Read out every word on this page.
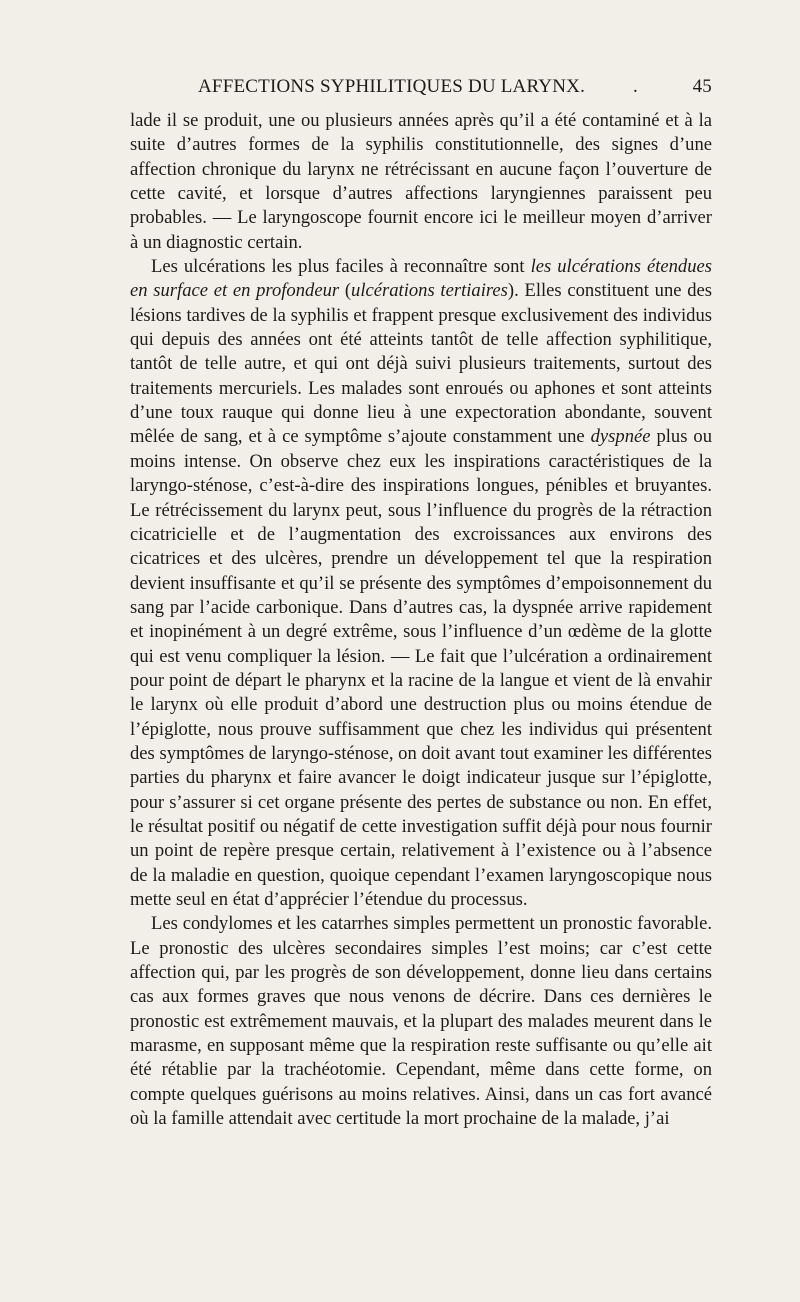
AFFECTIONS SYPHILITIQUES DU LARYNX.	.	45

lade il se produit, une ou plusieurs années après qu’il a été contaminé et à la suite d’autres formes de la syphilis constitutionnelle, des signes d’une affection chronique du larynx ne rétrécissant en aucune façon l’ouverture de cette cavité, et lorsque d’autres affections laryngiennes paraissent peu probables. — Le laryngoscope fournit encore ici le meilleur moyen d’arriver à un diagnostic certain.

Les ulcérations les plus faciles à reconnaître sont les ulcérations étendues en surface et en profondeur (ulcérations tertiaires). Elles constituent une des lésions tardives de la syphilis et frappent presque exclusivement des individus qui depuis des années ont été atteints tantôt de telle affection syphilitique, tantôt de telle autre, et qui ont déjà suivi plusieurs traitements, surtout des traitements mercuriels. Les malades sont enroués ou aphones et sont atteints d’une toux rauque qui donne lieu à une expectoration abondante, souvent mêlée de sang, et à ce symptôme s’ajoute constamment une dyspnée plus ou moins intense. On observe chez eux les inspirations caractéristiques de la laryngo-sténose, c’est-à-dire des inspirations longues, pénibles et bruyantes. Le rétrécissement du larynx peut, sous l’influence du progrès de la rétraction cicatricielle et de l’augmentation des excroissances aux environs des cicatrices et des ulcères, prendre un développement tel que la respiration devient insuffisante et qu’il se présente des symptômes d’empoisonnement du sang par l’acide carbonique. Dans d’autres cas, la dyspnée arrive rapidement et inopinément à un degré extrême, sous l’influence d’un œdème de la glotte qui est venu compliquer la lésion. — Le fait que l’ulcération a ordinairement pour point de départ le pharynx et la racine de la langue et vient de là envahir le larynx où elle produit d’abord une destruction plus ou moins étendue de l’épiglotte, nous prouve suffisamment que chez les individus qui présentent des symptômes de laryngo-sténose, on doit avant tout examiner les différentes parties du pharynx et faire avancer le doigt indicateur jusque sur l’épiglotte, pour s’assurer si cet organe présente des pertes de substance ou non. En effet, le résultat positif ou négatif de cette investigation suffit déjà pour nous fournir un point de repère presque certain, relativement à l’existence ou à l’absence de la maladie en question, quoique cependant l’examen laryngoscopique nous mette seul en état d’apprécier l’étendue du processus.

Les condylomes et les catarrhes simples permettent un pronostic favorable. Le pronostic des ulcères secondaires simples l’est moins; car c’est cette affection qui, par les progrès de son développement, donne lieu dans certains cas aux formes graves que nous venons de décrire. Dans ces dernières le pronostic est extrêmement mauvais, et la plupart des malades meurent dans le marasme, en supposant même que la respiration reste suffisante ou qu’elle ait été rétablie par la trachéotomie. Cependant, même dans cette forme, on compte quelques guérisons au moins relatives. Ainsi, dans un cas fort avancé où la famille attendait avec certitude la mort prochaine de la malade, j’ai
